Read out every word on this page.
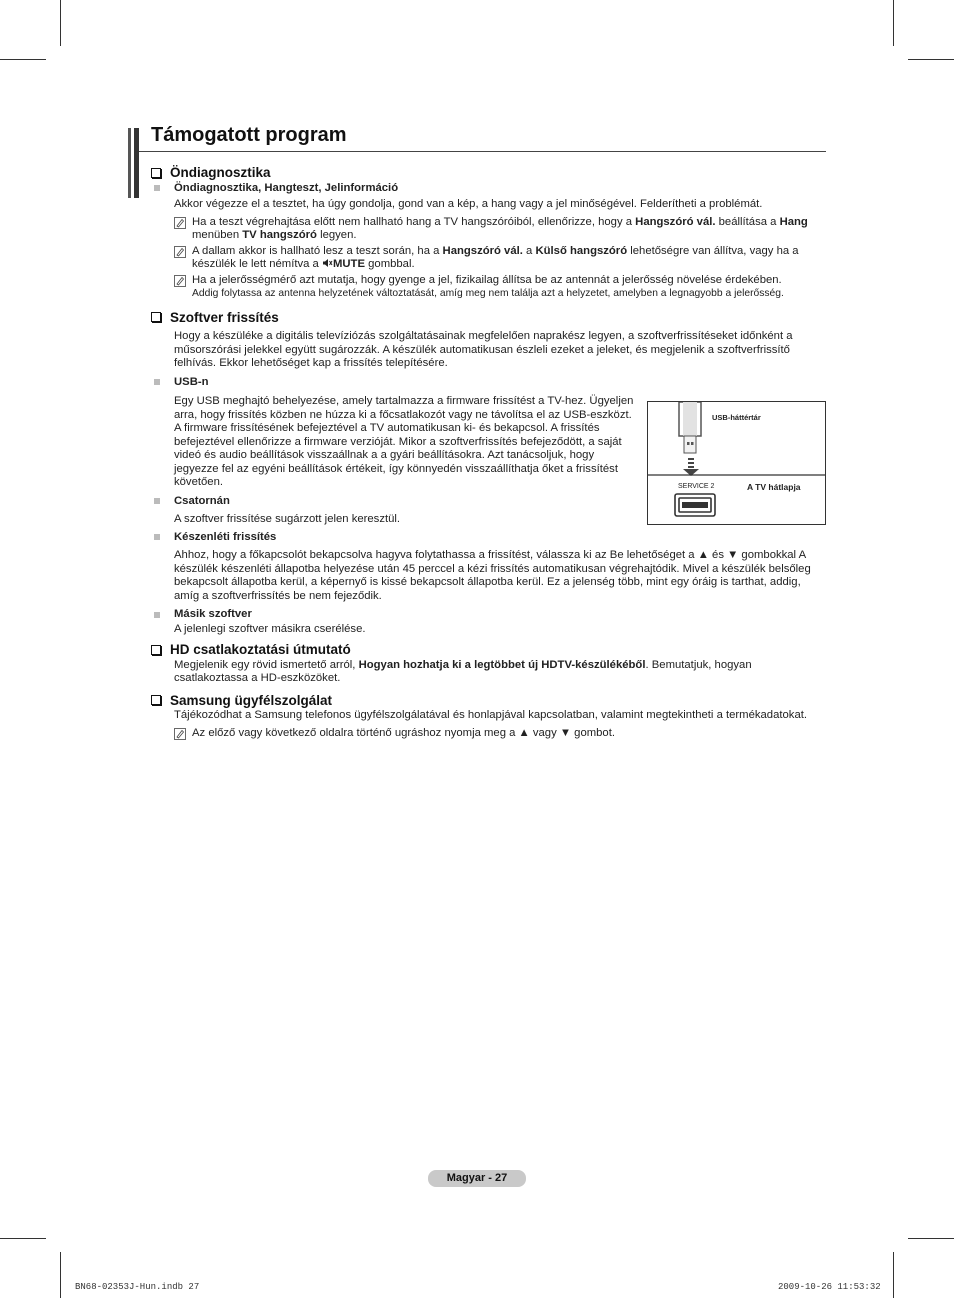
Támogatott program
Öndiagnosztika
Öndiagnosztika, Hangteszt, Jelinformáció
Akkor végezze el a tesztet, ha úgy gondolja, gond van a kép, a hang vagy a jel minőségével. Felderítheti a problémát.
Ha a teszt végrehajtása előtt nem hallható hang a TV hangszóróiból, ellenőrizze, hogy a Hangszóró vál. beállítása a Hang menüben TV hangszóró legyen.
A dallam akkor is hallható lesz a teszt során, ha a Hangszóró vál. a Külső hangszóró lehetőségre van állítva, vagy ha a készülék le lett némítva a MUTE gombbal.
Ha a jelerősségmérő azt mutatja, hogy gyenge a jel, fizikailag állítsa be az antennát a jelerősség növelése érdekében.
Addig folytassa az antenna helyzetének változtatását, amíg meg nem találja azt a helyzetet, amelyben a legnagyobb a jelerősség.
Szoftver frissítés
Hogy a készüléke a digitális televíziózás szolgáltatásainak megfelelően naprakész legyen, a szoftverfrissítéseket időnként a műsorszórási jelekkel együtt sugározzák. A készülék automatikusan észleli ezeket a jeleket, és megjelenik a szoftverfrissítő felhívás. Ekkor lehetőséget kap a frissítés telepítésére.
USB-n
Egy USB meghajtó behelyezése, amely tartalmazza a firmware frissítést a TV-hez. Ügyeljen arra, hogy frissítés közben ne húzza ki a főcsatlakozót vagy ne távolítsa el az USB-eszközt. A firmware frissítésének befejeztével a TV automatikusan ki- és bekapcsol. A frissítés befejeztével ellenőrizze a firmware verzióját. Mikor a szoftverfrissítés befejeződött, a saját videó és audio beállítások visszaállnak a a gyári beállításokra. Azt tanácsoljuk, hogy jegyezze fel az egyéni beállítások értékeit, így könnyedén visszaállíthatja őket a frissítést követően.
Csatornán
A szoftver frissítése sugárzott jelen keresztül.
Készenléti frissítés
Ahhoz, hogy a főkapcsolót bekapcsolva hagyva folytathassa a frissítést, válassza ki az Be lehetőséget a ▲ és ▼ gombokkal A készülék készenléti állapotba helyezése után 45 perccel a kézi frissítés automatikusan végrehajtódik. Mivel a készülék belsőleg bekapcsolt állapotba kerül, a képernyő is kissé bekapcsolt állapotba kerül. Ez a jelenség több, mint egy óráig is tarthat, addig, amíg a szoftverfrissítés be nem fejeződik.
Másik szoftver
A jelenlegi szoftver másikra cserélése.
HD csatlakoztatási útmutató
Megjelenik egy rövid ismertető arról, Hogyan hozhatja ki a legtöbbet új HDTV-készülékéből. Bemutatjuk, hogyan csatlakoztassa a HD-eszközöket.
Samsung ügyfélszolgálat
Tájékozódhat a Samsung telefonos ügyfélszolgálatával és honlapjával kapcsolatban, valamint megtekintheti a termékadatokat.
Az előző vagy következő oldalra történő ugráshoz nyomja meg a ▲ vagy ▼ gombot.
USB-háttértár
SERVICE 2	A TV hátlapja
Magyar - 27
BN68-02353J-Hun.indb 27	2009-10-26 11:53:32
